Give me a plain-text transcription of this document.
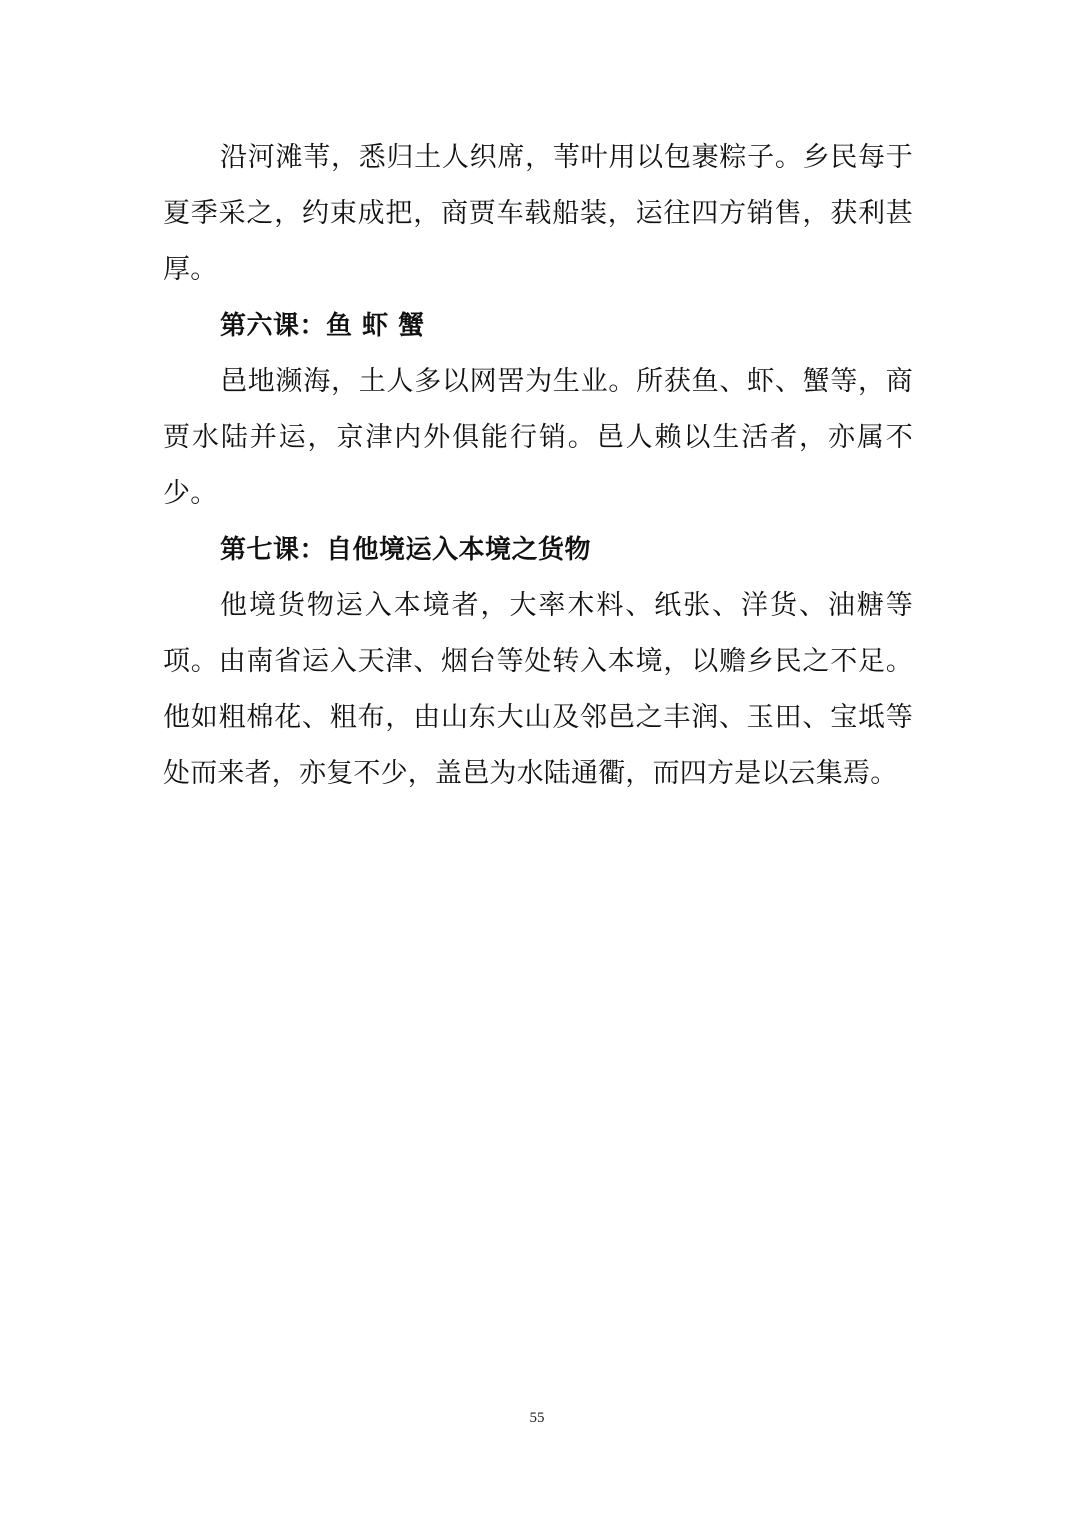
沿河滩苇，悉归土人织席，苇叶用以包裹粽子。乡民每于夏季采之，约束成把，商贾车载船装，运往四方销售，获利甚厚。

第六课：鱼 虾 蟹

邑地濒海，土人多以网罟为生业。所获鱼、虾、蟹等，商贾水陆并运，京津内外俱能行销。邑人赖以生活者，亦属不少。

第七课：自他境运入本境之货物

他境货物运入本境者，大率木料、纸张、洋货、油糖等项。由南省运入天津、烟台等处转入本境，以赡乡民之不足。他如粗棉花、粗布，由山东大山及邻邑之丰润、玉田、宝坻等处而来者，亦复不少，盖邑为水陆通衢，而四方是以云集焉。

55
